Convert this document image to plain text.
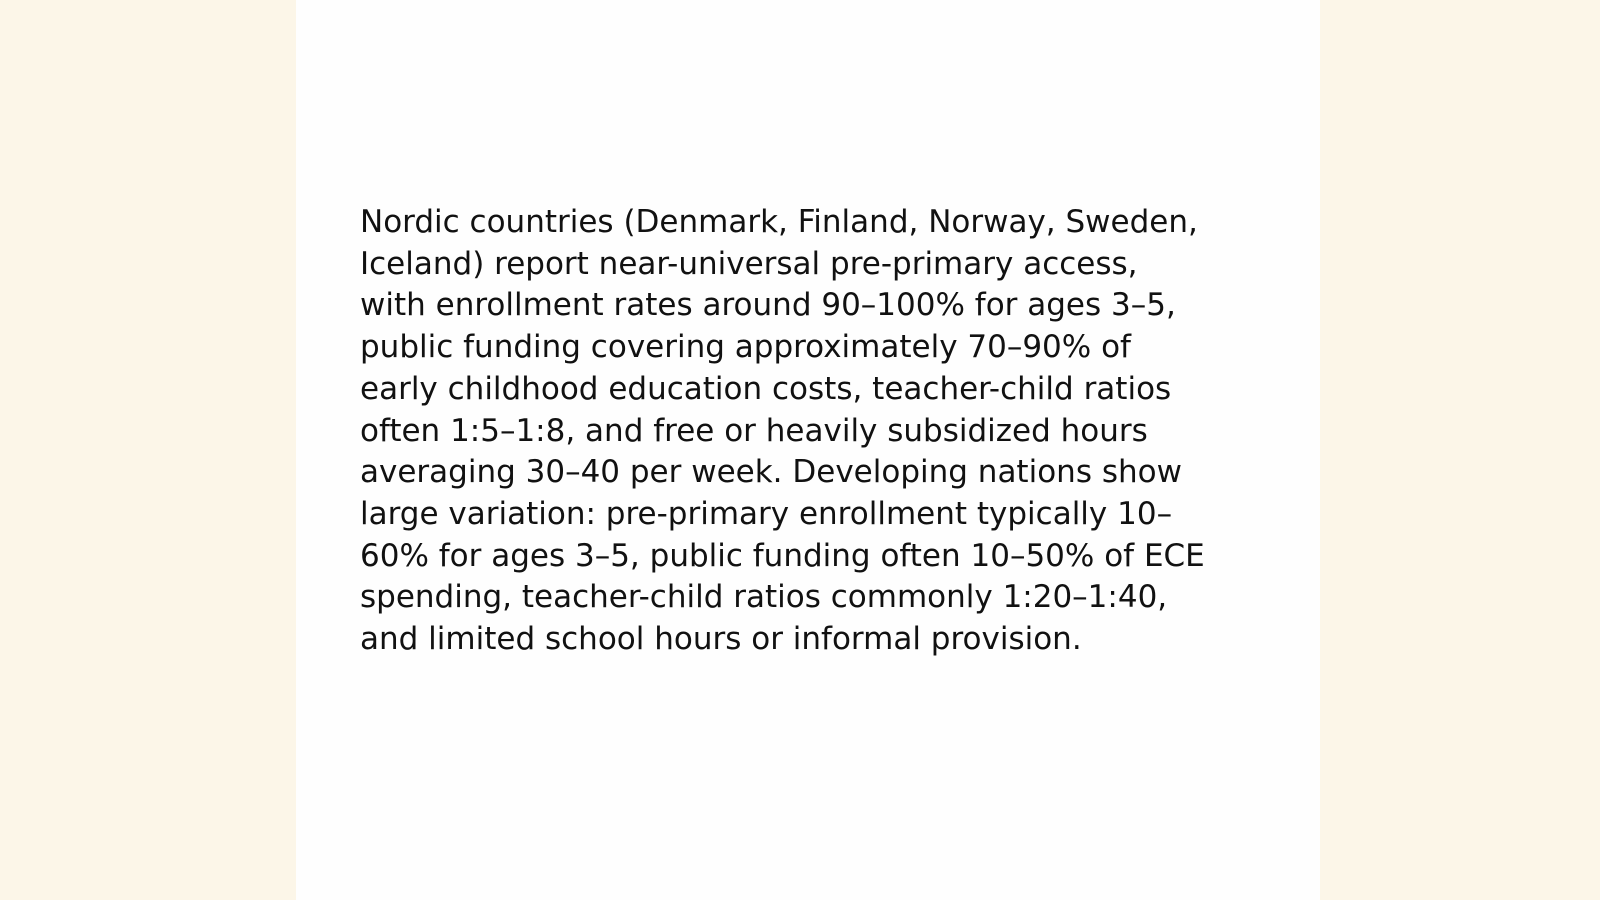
Nordic countries (Denmark, Finland, Norway, Sweden,
Iceland) report near-universal pre-primary access,
with enrollment rates around 90–100% for ages 3–5,
public funding covering approximately 70–90% of
early childhood education costs, teacher-child ratios
often 1:5–1:8, and free or heavily subsidized hours
averaging 30–40 per week. Developing nations show
large variation: pre-primary enrollment typically 10–
60% for ages 3–5, public funding often 10–50% of ECE
spending, teacher-child ratios commonly 1:20–1:40,
and limited school hours or informal provision.
